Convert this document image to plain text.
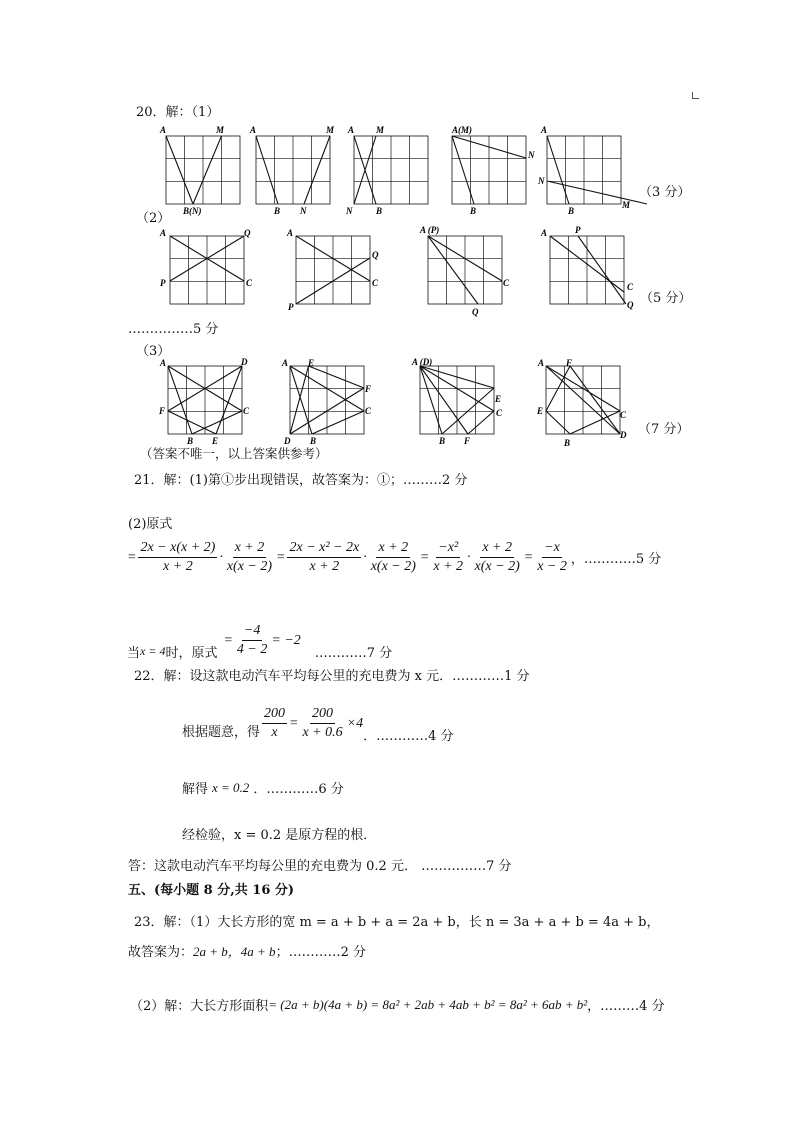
20．解：（1）
A	M
B(N)
A	M
B N
A M
N	B
A(M)
N
B
A
N
B
M
（3 分）
（2）
A	Q
P	C
A
Q
C
P
A (P)
C
Q
A	P
C
Q （5 分）
……………5 分
（3）
A	D
F	C
B E
A E
F
C
D B
A (D)
E
C
B F
A F
E	C
D
B
（7 分）
（答案不唯一，以上答案供参考）
21．解：(1)第①步出现错误，故答案为：①；………2 分
(2)原式
= $\frac{2x - x(x + 2)}{x + 2} \cdot \frac{x + 2}{x(x - 2)} = \frac{\text{2x − x² − 2x}}{x + 2} \cdot \frac{x + 2}{x(x - 2)} = \frac{\text{−x²}}{x + 2} \cdot \frac{x + 2}{x(x - 2)} = \frac{-x}{x - 2}$ ，…………5 分
当 x = 4 时，原式
= $\frac{-4}{4 - 2} = -2$
…………7 分
22．解：设这款电动汽车平均每公里的充电费为 x 元．…………1 分
根据题意，得 $\frac{200}{x} = \frac{200}{x + 0.6} \times 4$
．…………4 分
解得 x = 0.2 ．…………6 分
经检验，x = 0.2 是原方程的根．
答：这款电动汽车平均每公里的充电费为 0.2 元． ……………7 分
五、(每小题 8 分,共 16 分)
23．解：（1）大长方形的宽 m = a + b + a = 2a + b，长 n = 3a + a + b = 4a + b，
故答案为： 2a + b，4a + b ；…………2 分
（2）解：大长方形面积 = (2a + b)(4a + b) = 8a² + 2ab + 4ab + b² = 8a² + 6ab + b² ，………4 分
